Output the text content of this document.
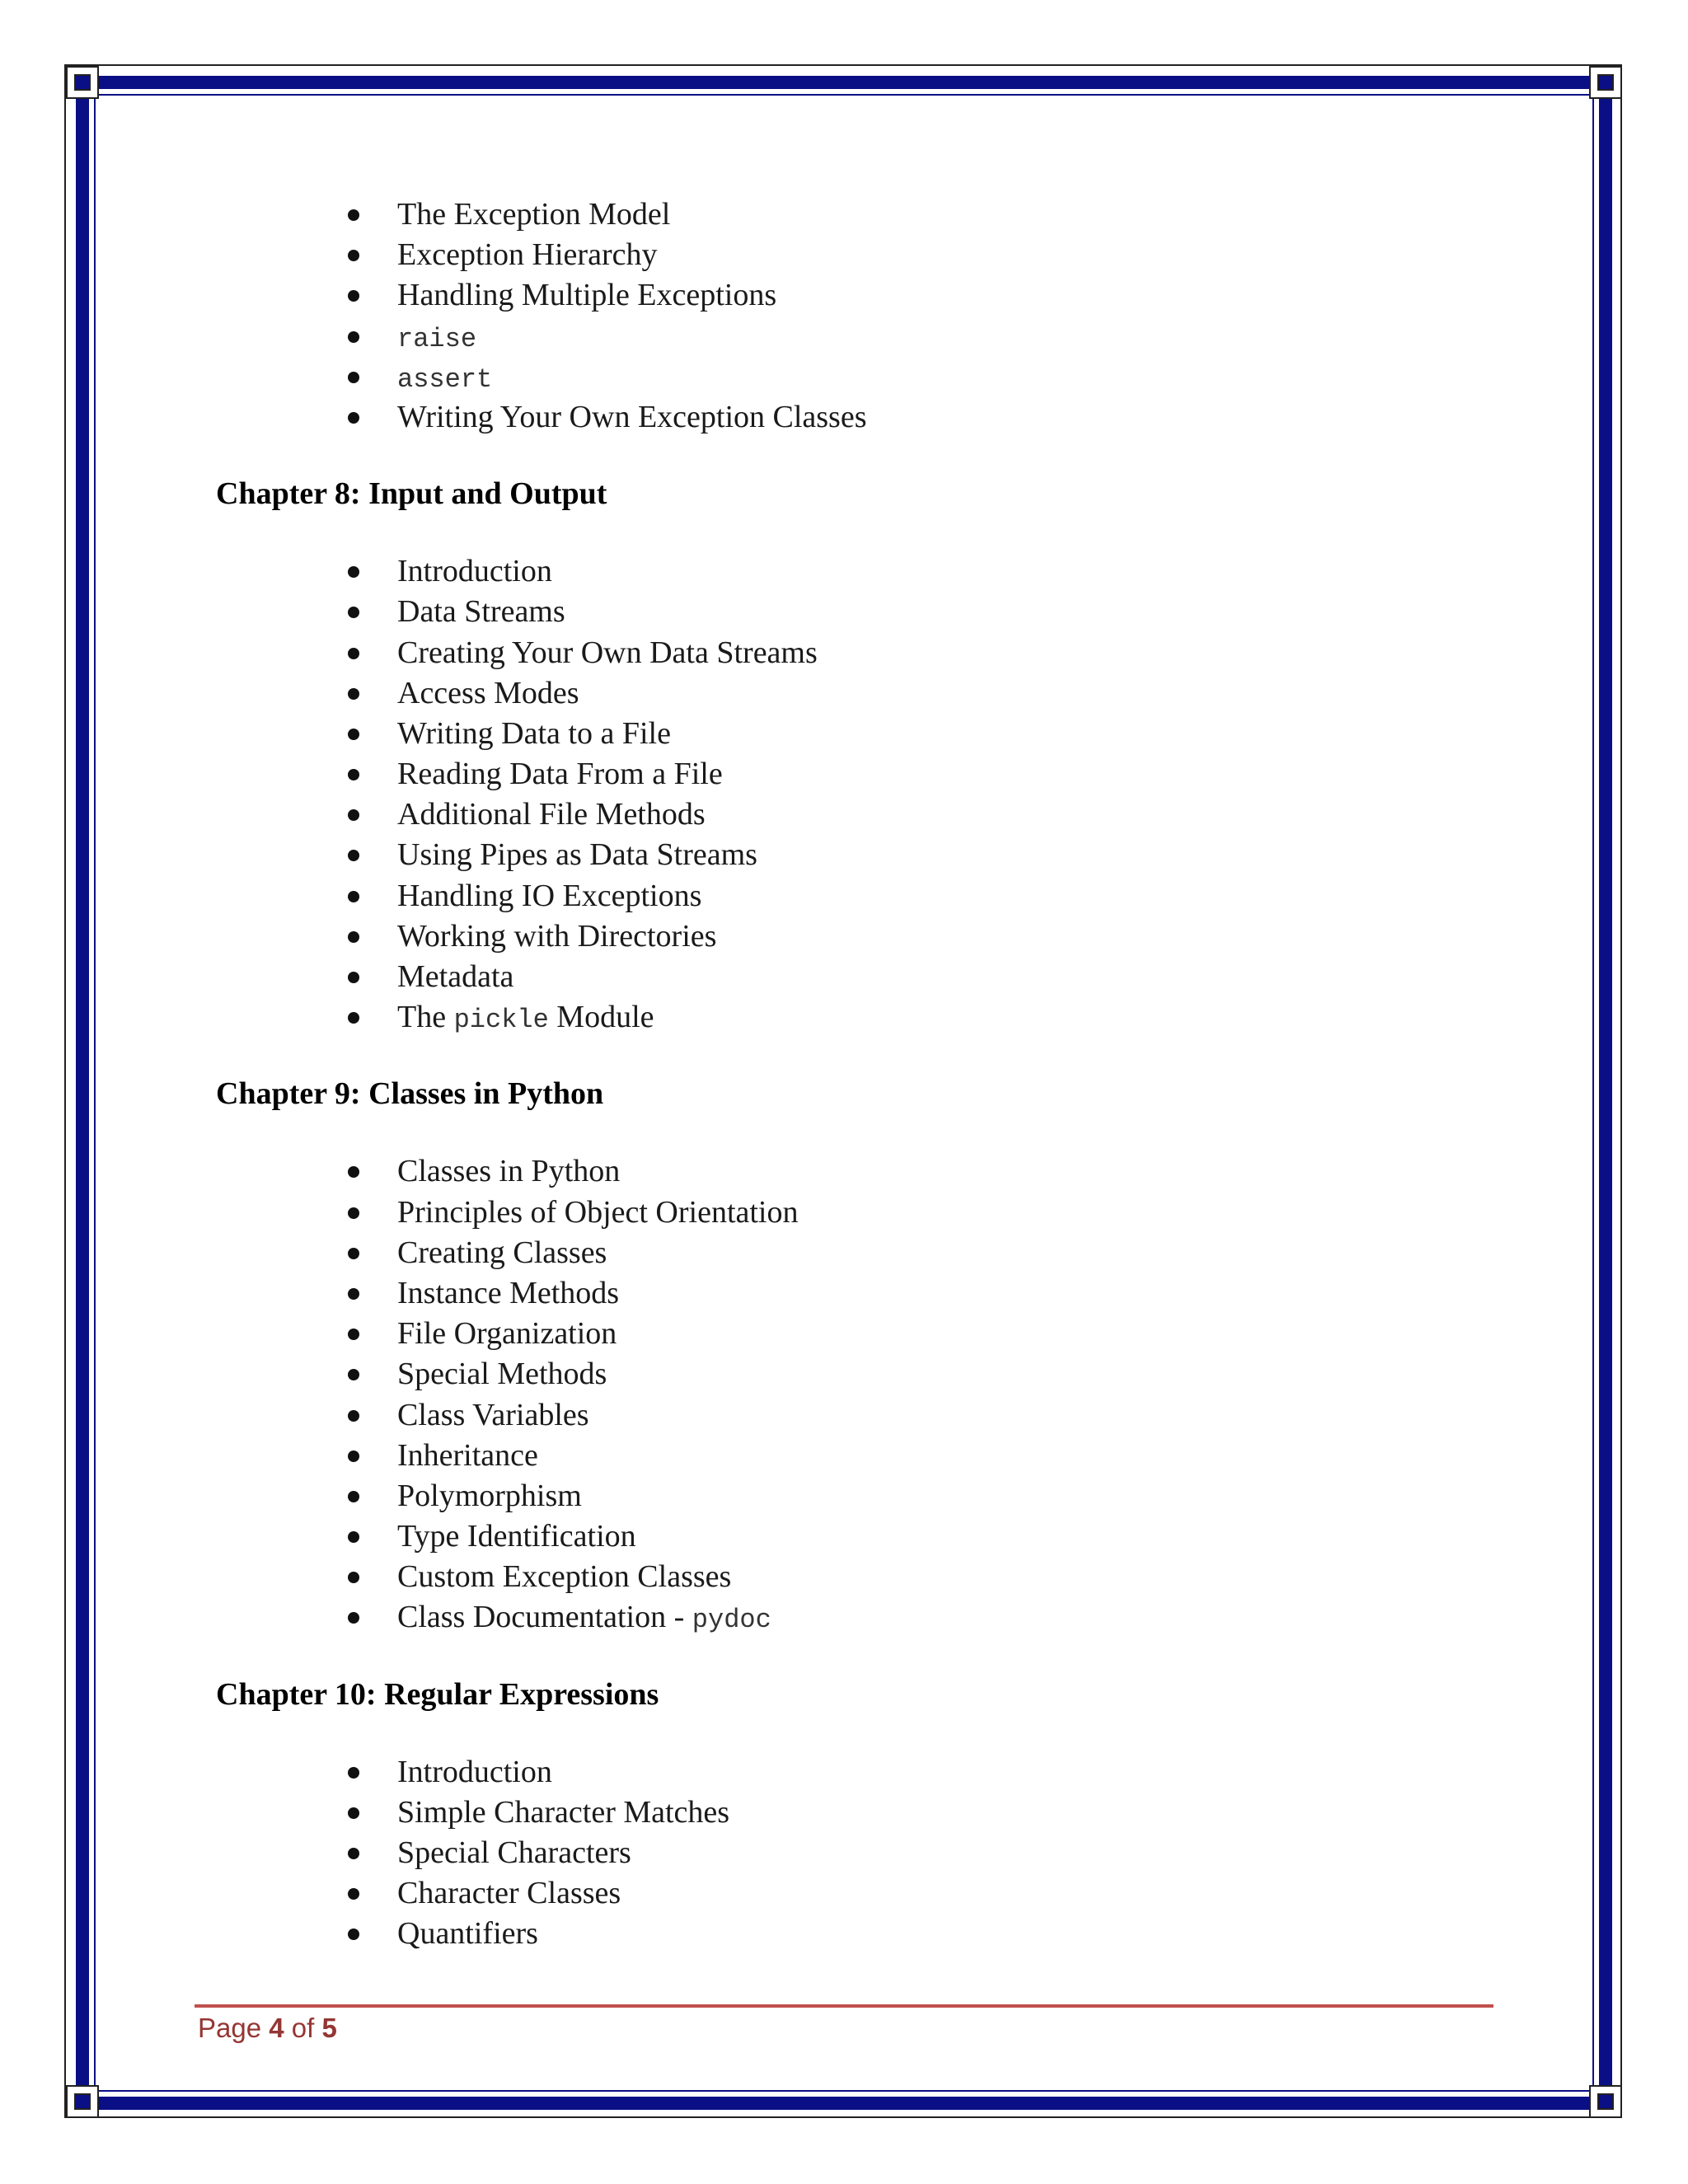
The Exception Model
Exception Hierarchy
Handling Multiple Exceptions
raise
assert
Writing Your Own Exception Classes
Chapter 8: Input and Output
Introduction
Data Streams
Creating Your Own Data Streams
Access Modes
Writing Data to a File
Reading Data From a File
Additional File Methods
Using Pipes as Data Streams
Handling IO Exceptions
Working with Directories
Metadata
The pickle Module
Chapter 9: Classes in Python
Classes in Python
Principles of Object Orientation
Creating Classes
Instance Methods
File Organization
Special Methods
Class Variables
Inheritance
Polymorphism
Type Identification
Custom Exception Classes
Class Documentation - pydoc
Chapter 10: Regular Expressions
Introduction
Simple Character Matches
Special Characters
Character Classes
Quantifiers
Page 4 of 5
